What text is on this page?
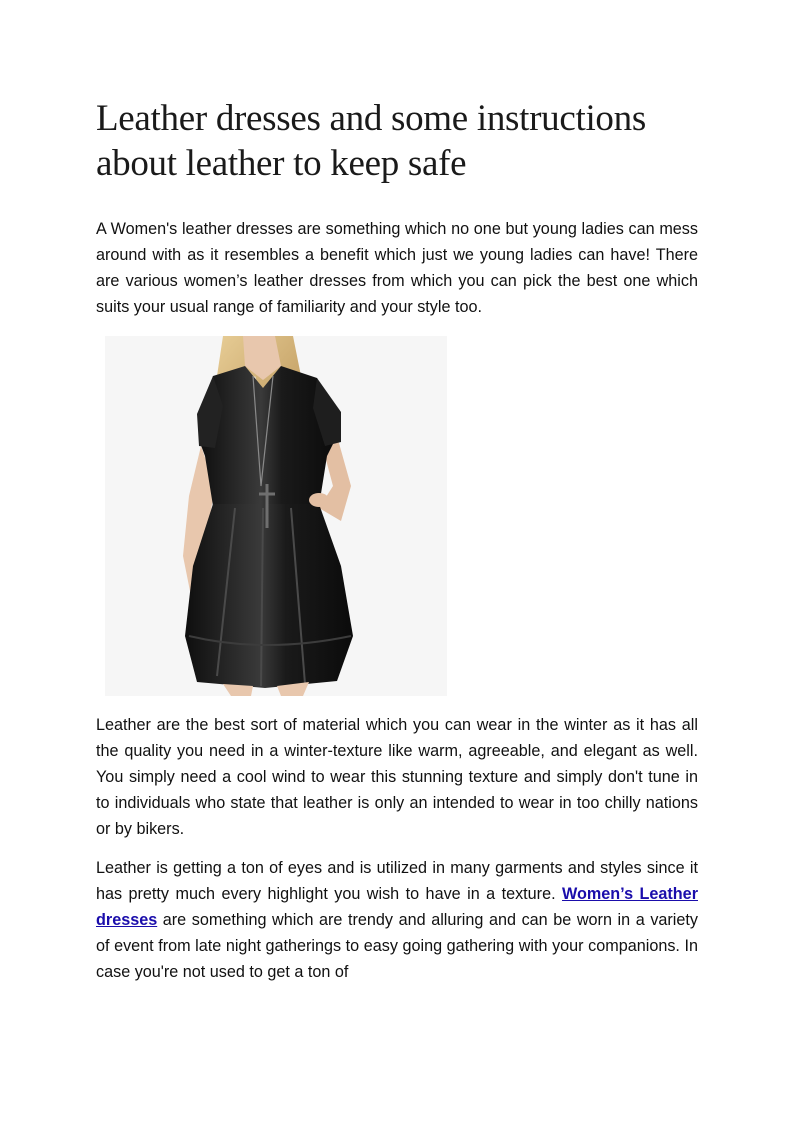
Leather dresses and some instructions about leather to keep safe

A Women's leather dresses are something which no one but young ladies can mess around with as it resembles a benefit which just we young ladies can have! There are various women’s leather dresses from which you can pick the best one which suits your usual range of familiarity and your style too.

Leather are the best sort of material which you can wear in the winter as it has all the quality you need in a winter-texture like warm, agreeable, and elegant as well. You simply need a cool wind to wear this stunning texture and simply don't tune in to individuals who state that leather is only an intended to wear in too chilly nations or by bikers.

Leather is getting a ton of eyes and is utilized in many garments and styles since it has pretty much every highlight you wish to have in a texture. Women’s Leather dresses are something which are trendy and alluring and can be worn in a variety of event from late night gatherings to easy going gathering with your companions. In case you're not used to get a ton of
